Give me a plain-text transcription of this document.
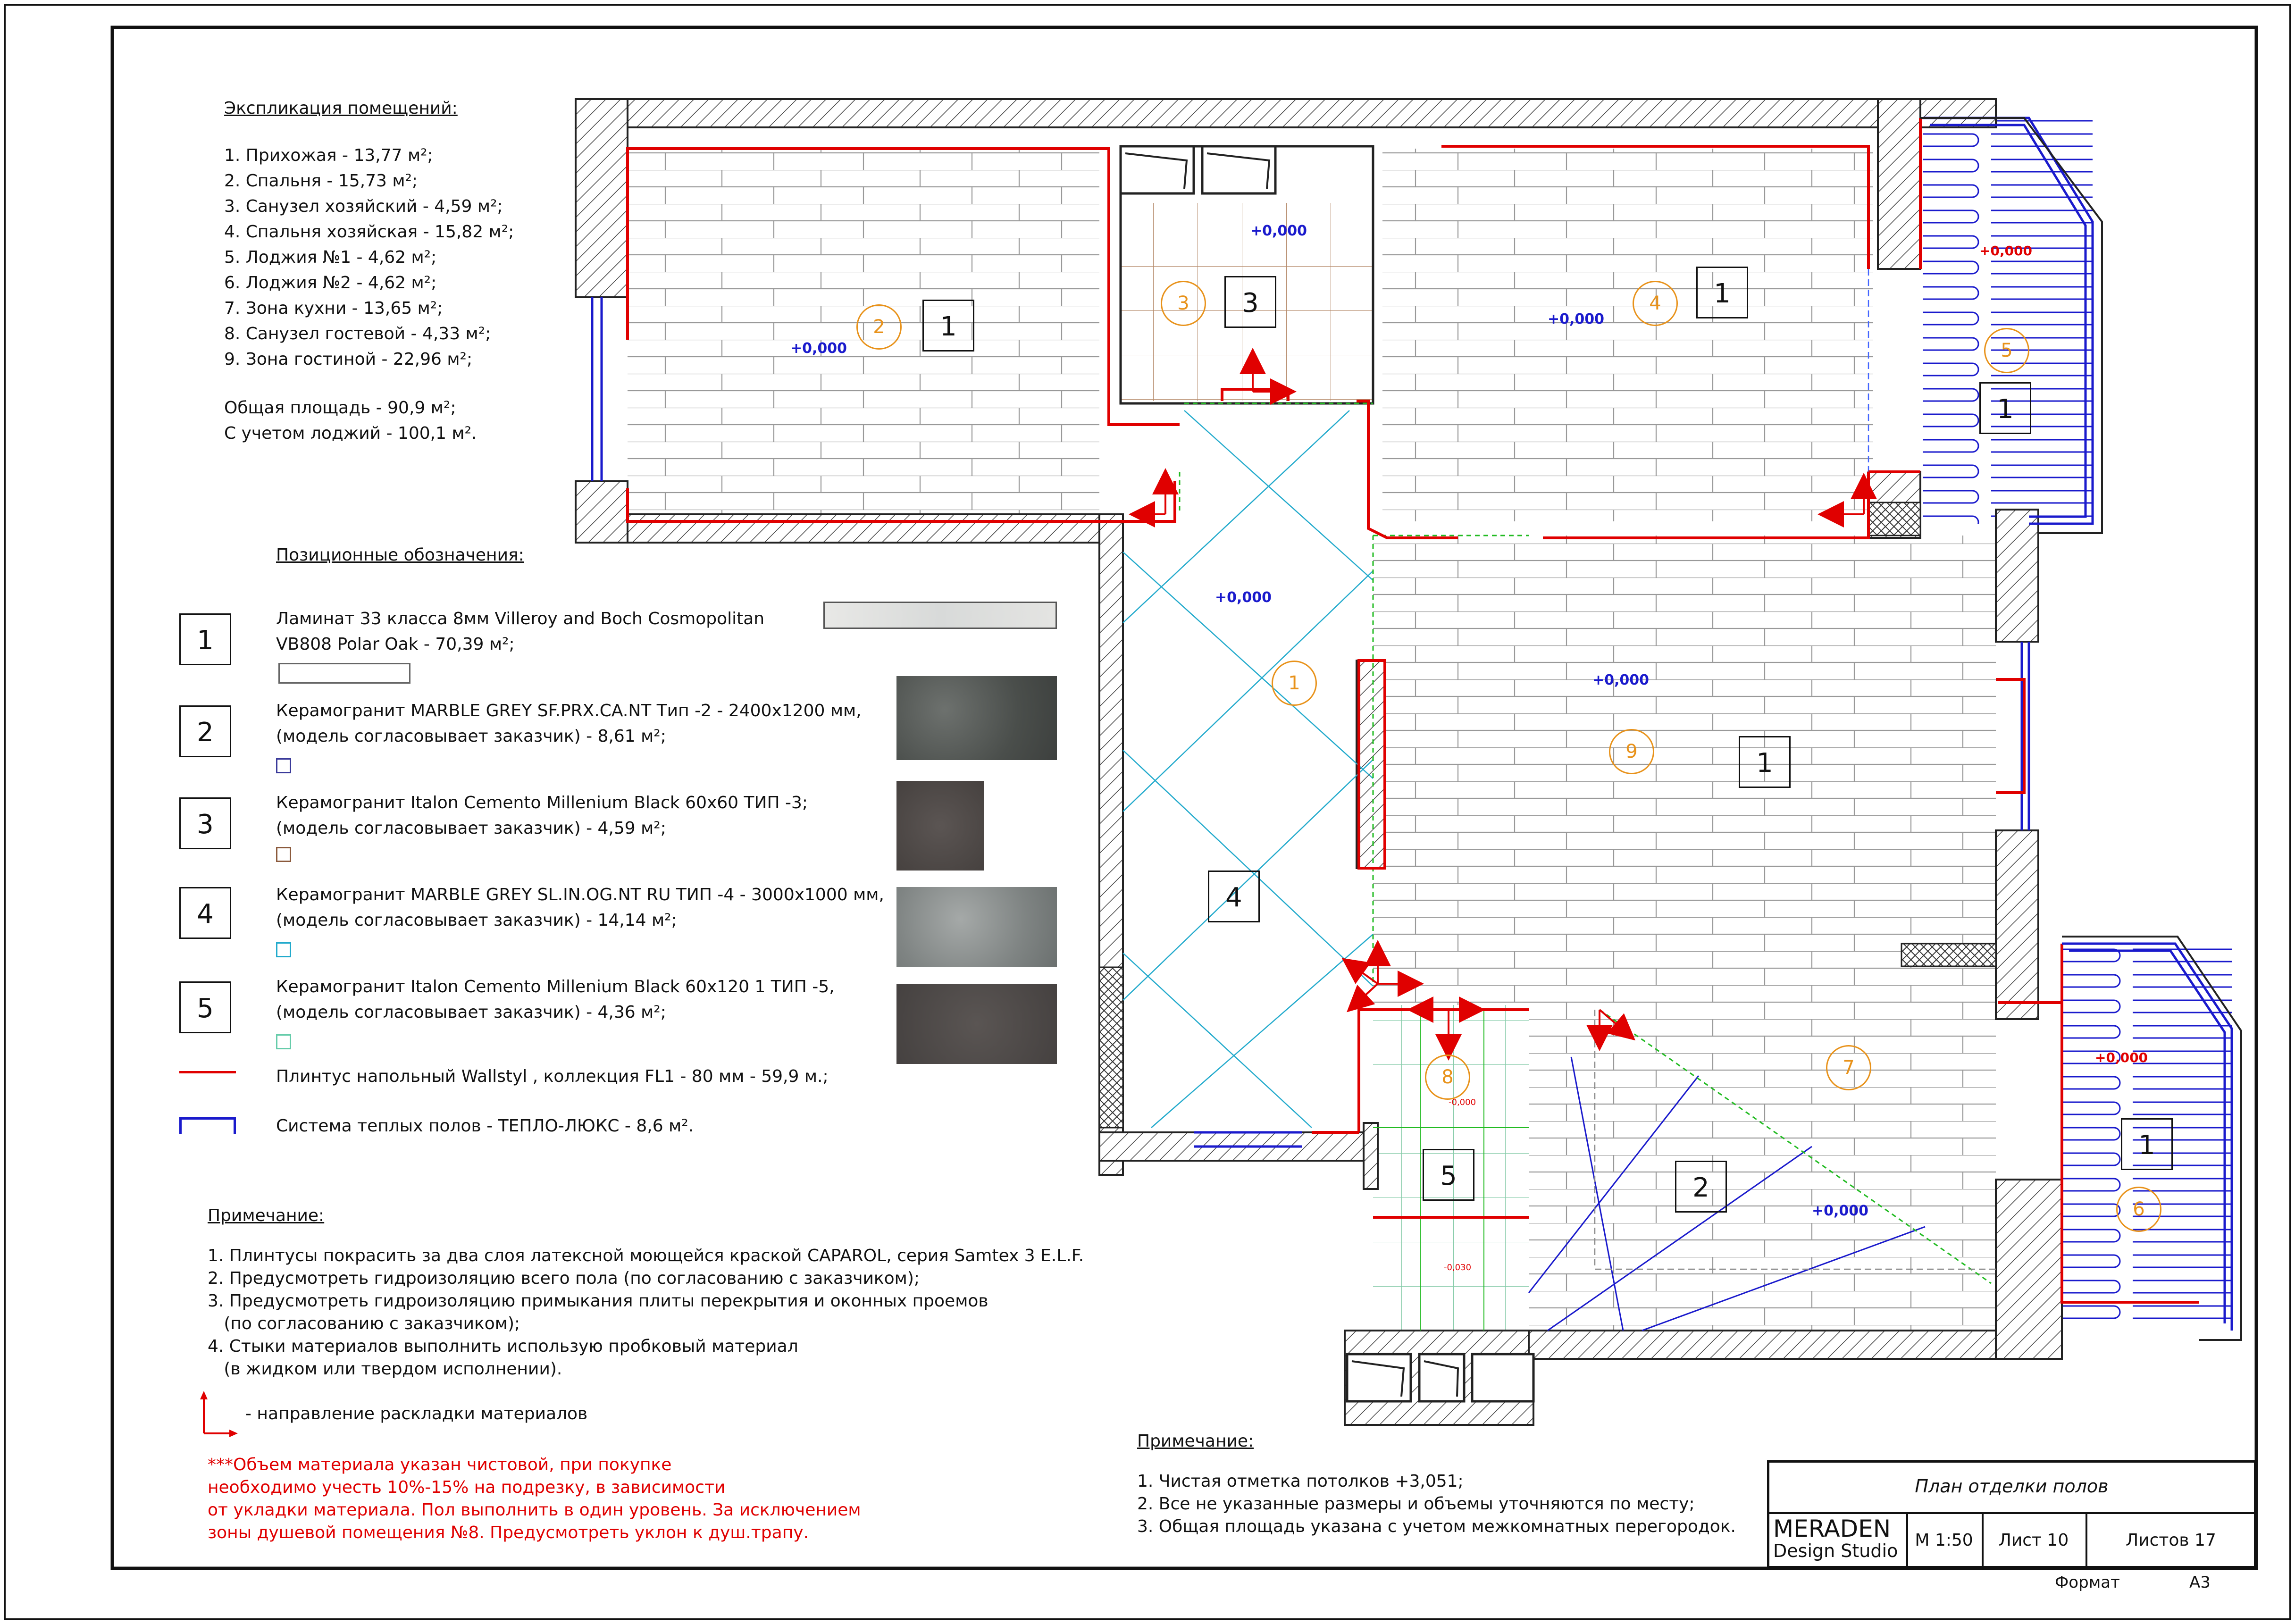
+0,000
+0,000
+0,000
+0,000
+0,000
+0,000
+0,000
+0,000
-0,000
-0,030
1
3	1
1
1
4
1
5	2
2
3	4
5
1
9
8	7
6
Экспликация помещений:
1. Прихожая - 13,77 м²;
2. Спальня - 15,73 м²;
3. Санузел хозяйский - 4,59 м²;
4. Спальня хозяйская - 15,82 м²;
5. Лоджия №1 - 4,62 м²;
6. Лоджия №2 - 4,62 м²;
7. Зона кухни - 13,65 м²;
8. Санузел гостевой - 4,33 м²;
9. Зона гостиной - 22,96 м²;
Общая площадь - 90,9 м²;
С учетом лоджий - 100,1 м².
Позиционные обозначения:
1
Ламинат 33 класса 8мм Villeroy and Boch Cosmopolitan
VB808 Polar Oak - 70,39 м²;
2
Керамогранит MARBLE GREY SF.PRX.CA.NT Тип -2 - 2400х1200 мм,
(модель согласовывает заказчик) - 8,61 м²;
3
Керамогранит Italon Cemento Millenium Black 60х60 ТИП -3;
(модель согласовывает заказчик) - 4,59 м²;
4
Керамогранит MARBLE GREY SL.IN.OG.NT RU ТИП -4 - 3000х1000 мм,
(модель согласовывает заказчик) - 14,14 м²;
5
Керамогранит Italon Cemento Millenium Black 60х120 1 ТИП -5,
(модель согласовывает заказчик) - 4,36 м²;
Плинтус напольный Wallstyl , коллекция FL1 - 80 мм - 59,9 м.;
Система теплых полов - ТЕПЛО-ЛЮКС - 8,6 м².
Примечание:
1. Плинтусы покрасить за два слоя латексной моющейся краской CAPAROL, серия Samtex 3 E.L.F.
2. Предусмотреть гидроизоляцию всего пола (по согласованию с заказчиком);
3. Предусмотреть гидроизоляцию примыкания плиты перекрытия и оконных проемов
(по согласованию с заказчиком);
4. Стыки материалов выполнить использую пробковый материал
(в жидком или твердом исполнении).
- направление раскладки материалов
***Объем материала указан чистовой, при покупке
необходимо учесть 10%-15% на подрезку, в зависимости
от укладки материала. Пол выполнить в один уровень. За исключением
зоны душевой помещения №8. Предусмотреть уклон к душ.трапу.
Примечание:
1. Чистая отметка потолков +3,051;
2. Все не указанные размеры и объемы уточняются по месту;
3. Общая площадь указана с учетом межкомнатных перегородок.
План отделки полов
MERADEN
Design Studio
М 1:50	Лист 10	Листов 17
Формат	А3
